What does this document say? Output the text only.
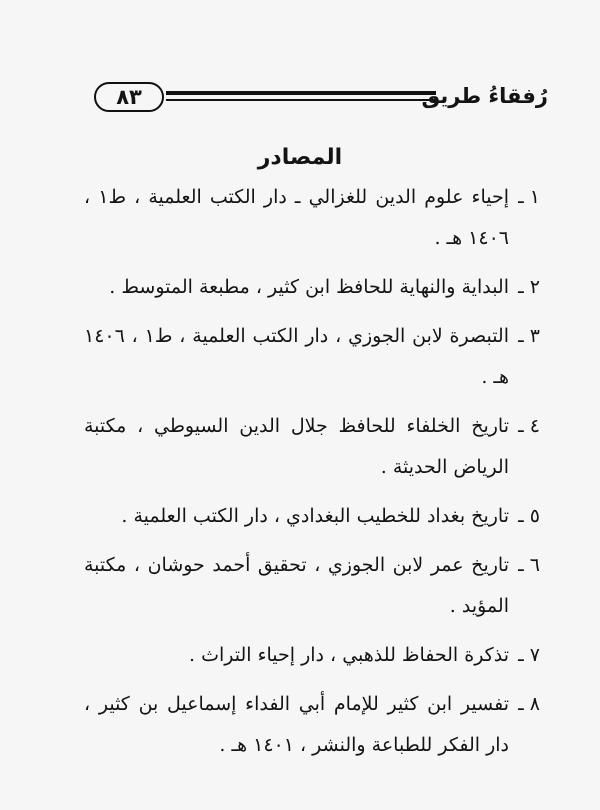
٨٣	رُفقاءُ طريق
المصادر
١ ـإحياء علوم الدين للغزالي ـ دار الكتب العلمية ، ط١ ، ١٤٠٦ هـ .
٢ ـالبداية والنهاية للحافظ ابن كثير ، مطبعة المتوسط .
٣ ـالتبصرة لابن الجوزي ، دار الكتب العلمية ، ط١ ، ١٤٠٦ هـ .
٤ ـتاريخ الخلفاء للحافظ جلال الدين السيوطي ، مكتبة الرياض الحديثة .
٥ ـتاريخ بغداد للخطيب البغدادي ، دار الكتب العلمية .
٦ ـتاريخ عمر لابن الجوزي ، تحقيق أحمد حوشان ، مكتبة المؤيد .
٧ ـتذكرة الحفاظ للذهبي ، دار إحياء التراث .
٨ ـتفسير ابن كثير للإمام أبي الفداء إسماعيل بن كثير ، دار الفكر للطباعة والنشر ، ١٤٠١ هـ .
